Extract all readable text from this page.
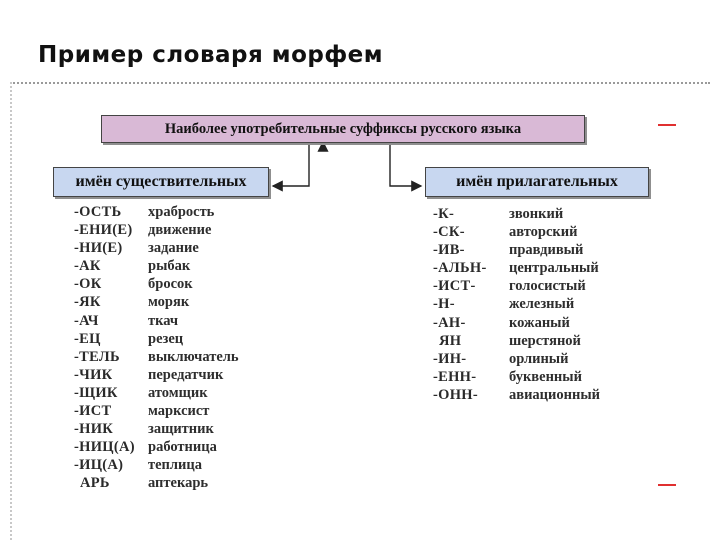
Пример словаря морфем
Наиболее употребительные суффиксы русского языка
имён существительных	имён прилагательных
-ОСТЬ
-ЕНИ(Е)
-НИ(Е)
-АК
-ОК
-ЯК
-АЧ
-ЕЦ
-ТЕЛЬ
-ЧИК
-ЩИК
-ИСТ
-НИК
-НИЦ(А)
-ИЦ(А)
АРЬ
храбрость
движение
задание
рыбак
бросок
моряк
ткач
резец
выключатель
передатчик
атомщик
марксист
защитник
работница
теплица
аптекарь
-К-
-СК-
-ИВ-
-АЛЬН-
-ИСТ-
-Н-
-АН-
ЯН
-ИН-
-ЕНН-
-ОНН-
звонкий
авторский
правдивый
центральный
голосистый
железный
кожаный
шерстяной
орлиный
буквенный
авиационный
